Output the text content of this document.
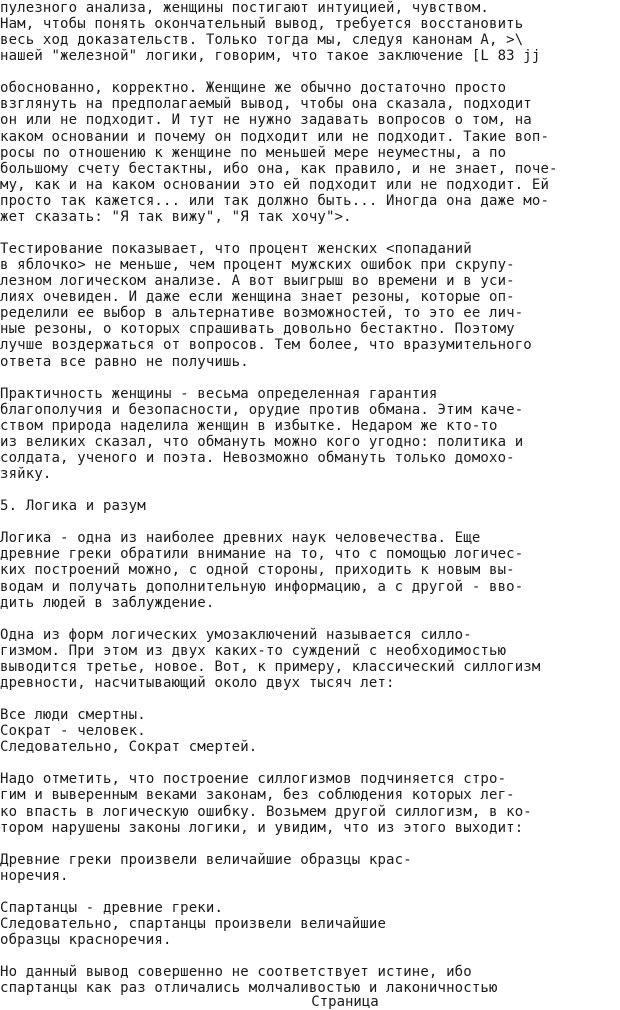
пулезного анализа, женщины постигают интуицией, чувством.
Нам, чтобы понять окончательный вывод, требуется восстановить
весь ход доказательств. Только тогда мы, следуя канонам А, >\
нашей "железной" логики, говорим, что такое заключение [L 83 jj
обоснованно, корректно. Женщине же обычно достаточно просто
взглянуть на предполагаемый вывод, чтобы она сказала, подходит
он или не подходит. И тут не нужно задавать вопросов о том, на
каком основании и почему он подходит или не подходит. Такие воп-
росы по отношению к женщине по меньшей мере неуместны, а по
большому счету бестактны, ибо она, как правило, и не знает, поче-
му, как и на каком основании это ей подходит или не подходит. Ей
просто так кажется... или так должно быть... Иногда она даже мо-
жет сказать: "Я так вижу", "Я так хочу">.
Тестирование показывает, что процент женских <попаданий
в яблочко> не меньше, чем процент мужских ошибок при скрупу-
лезном логическом анализе. А вот выигрыш во времени и в уси-
лиях очевиден. И даже если женщина знает резоны, которые оп-
ределили ее выбор в альтернативе возможностей, то это ее лич-
ные резоны, о которых спрашивать довольно бестактно. Поэтому
лучше воздержаться от вопросов. Тем более, что вразумительного
ответа все равно не получишь.
Практичность женщины - весьма определенная гарантия
благополучия и безопасности, орудие против обмана. Этим каче-
ством природа наделила женщин в избытке. Недаром же кто-то
из великих сказал, что обмануть можно кого угодно: политика и
солдата, ученого и поэта. Невозможно обмануть только домохо-
зяйку.
5. Логика и разум
Логика - одна из наиболее древних наук человечества. Еще
древние греки обратили внимание на то, что с помощью логичес-
ких построений можно, с одной стороны, приходить к новым вы-
водам и получать дополнительную информацию, а с другой - вво-
дить людей в заблуждение.
Одна из форм логических умозаключений называется силло-
гизмом. При этом из двух каких-то суждений с необходимостью
выводится третье, новое. Вот, к примеру, классический силлогизм
древности, насчитывающий около двух тысяч лет:
Все люди смертны.
Сократ - человек.
Следовательно, Сократ смертей.
Надо отметить, что построение силлогизмов подчиняется стро-
гим и выверенным веками законам, без соблюдения которых лег-
ко впасть в логическую ошибку. Возьмем другой силлогизм, в ко-
тором нарушены законы логики, и увидим, что из этого выходит:
Древние греки произвели величайшие образцы крас-
норечия.
Спартанцы - древние греки.
Следовательно, спартанцы произвели величайшие
образцы красноречия.
Но данный вывод совершенно не соответствует истине, ибо
спартанцы как раз отличались молчаливостью и лаконичностью
Страница
